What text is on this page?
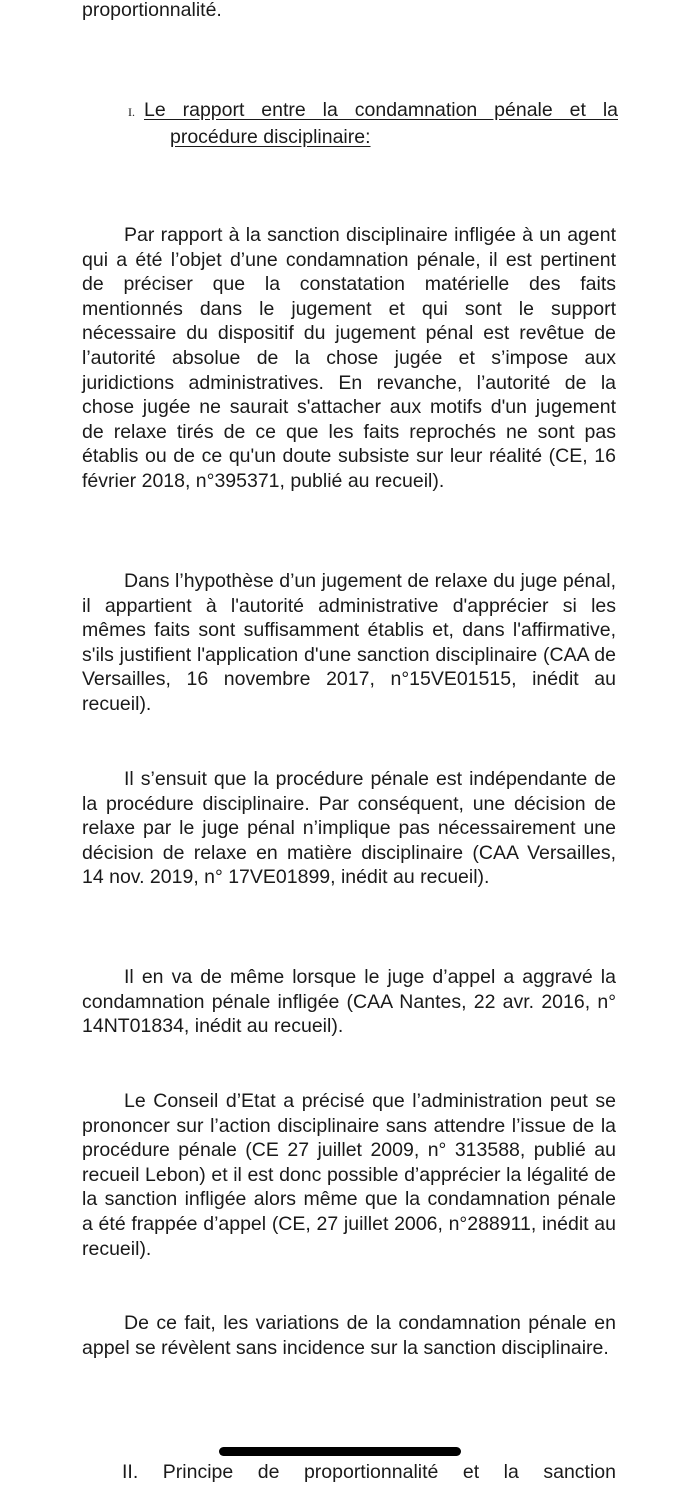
proportionnalité.
I. Le rapport entre la condamnation pénale et la
procédure disciplinaire:

Par rapport à la sanction disciplinaire infligée à un agent qui a été l’objet d’une condamnation pénale, il est pertinent de préciser que la constatation matérielle des faits mentionnés dans le jugement et qui sont le support nécessaire du dispositif du jugement pénal est revêtue de l’autorité absolue de la chose jugée et s’impose aux juridictions administratives. En revanche, l’autorité de la chose jugée ne saurait s'attacher aux motifs d'un jugement de relaxe tirés de ce que les faits reprochés ne sont pas établis ou de ce qu'un doute subsiste sur leur réalité (CE, 16 février 2018, n°395371, publié au recueil).

Dans l’hypothèse d’un jugement de relaxe du juge pénal, il appartient à l'autorité administrative d'apprécier si les mêmes faits sont suffisamment établis et, dans l'affirmative, s'ils justifient l'application d'une sanction disciplinaire (CAA de Versailles, 16 novembre 2017, n°15VE01515, inédit au recueil).

Il s’ensuit que la procédure pénale est indépendante de la procédure disciplinaire. Par conséquent, une décision de relaxe par le juge pénal n’implique pas nécessairement une décision de relaxe en matière disciplinaire (CAA Versailles, 14 nov. 2019, n° 17VE01899, inédit au recueil).

Il en va de même lorsque le juge d’appel a aggravé la condamnation pénale infligée (CAA Nantes, 22 avr. 2016, n° 14NT01834, inédit au recueil).

Le Conseil d’Etat a précisé que l’administration peut se prononcer sur l’action disciplinaire sans attendre l’issue de la procédure pénale (CE 27 juillet 2009, n° 313588, publié au recueil Lebon) et il est donc possible d’apprécier la légalité de la sanction infligée alors même que la condamnation pénale a été frappée d’appel (CE, 27 juillet 2006, n°288911, inédit au recueil).

De ce fait, les variations de la condamnation pénale en appel se révèlent sans incidence sur la sanction disciplinaire.

II. Principe de proportionnalité et la sanction
